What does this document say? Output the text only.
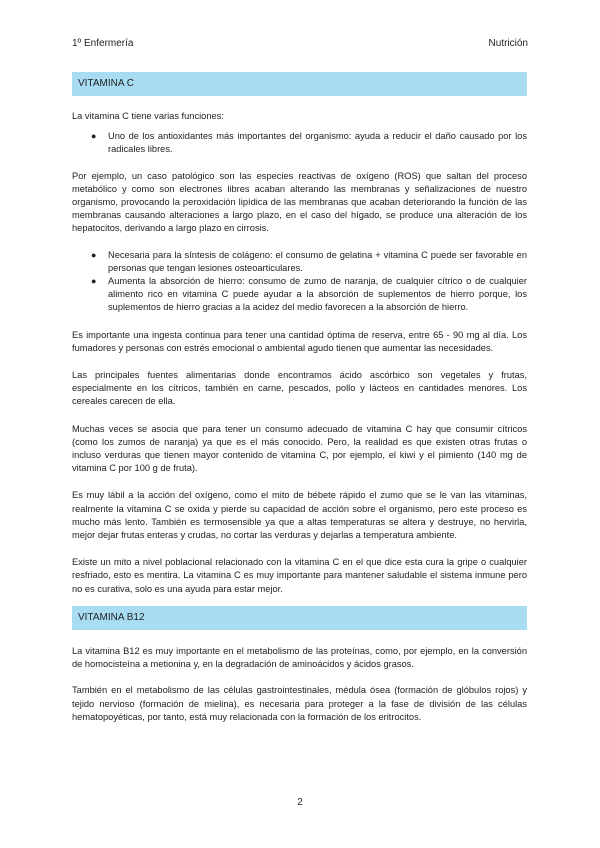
1º Enfermería	Nutrición
VITAMINA C

La vitamina C tiene varias funciones:

● Uno de los antioxidantes más importantes del organismo: ayuda a reducir el daño causado por los radicales libres.

Por ejemplo, un caso patológico son las especies reactivas de oxígeno (ROS) que saltan del proceso metabólico y como son electrones libres acaban alterando las membranas y señalizaciones de nuestro organismo, provocando la peroxidación lipídica de las membranas que acaban deteriorando la función de las membranas causando alteraciones a largo plazo, en el caso del hígado, se produce una alteración de los hepatocitos, derivando a largo plazo en cirrosis.

● Necesaria para la síntesis de colágeno: el consumo de gelatina + vitamina C puede ser favorable en personas que tengan lesiones osteoarticulares.
● Aumenta la absorción de hierro: consumo de zumo de naranja, de cualquier cítrico o de cualquier alimento rico en vitamina C puede ayudar a la absorción de suplementos de hierro porque, los suplementos de hierro gracias a la acidez del medio favorecen a la absorción de hierro.

Es importante una ingesta continua para tener una cantidad óptima de reserva, entre 65 - 90 mg al día. Los fumadores y personas con estrés emocional o ambiental agudo tienen que aumentar las necesidades.

Las principales fuentes alimentarias donde encontramos ácido ascórbico son vegetales y frutas, especialmente en los cítricos, también en carne, pescados, pollo y lácteos en cantidades menores. Los cereales carecen de ella.

Muchas veces se asocia que para tener un consumo adecuado de vitamina C hay que consumir cítricos (como los zumos de naranja) ya que es el más conocido. Pero, la realidad es que existen otras frutas o incluso verduras que tienen mayor contenido de vitamina C, por ejemplo, el kiwi y el pimiento (140 mg de vitamina C por 100 g de fruta).

Es muy lábil a la acción del oxígeno, como el mito de bébete rápido el zumo que se le van las vitaminas, realmente la vitamina C se oxida y pierde su capacidad de acción sobre el organismo, pero este proceso es mucho más lento. También es termosensible ya que a altas temperaturas se altera y destruye, no hervirla, mejor dejar frutas enteras y crudas, no cortar las verduras y dejarlas a temperatura ambiente.

Existe un mito a nivel poblacional relacionado con la vitamina C en el que dice esta cura la gripe o cualquier resfriado, esto es mentira. La vitamina C es muy importante para mantener saludable el sistema inmune pero no es curativa, solo es una ayuda para estar mejor.

VITAMINA B12

La vitamina B12 es muy importante en el metabolismo de las proteínas, como, por ejemplo, en la conversión de homocisteína a metionina y, en la degradación de aminoácidos y ácidos grasos.

También en el metabolismo de las células gastrointestinales, médula ósea (formación de glóbulos rojos) y tejido nervioso (formación de mielina), es necesaria para proteger a la fase de división de las células hematopoyéticas, por tanto, está muy relacionada con la formación de los eritrocitos.

2
